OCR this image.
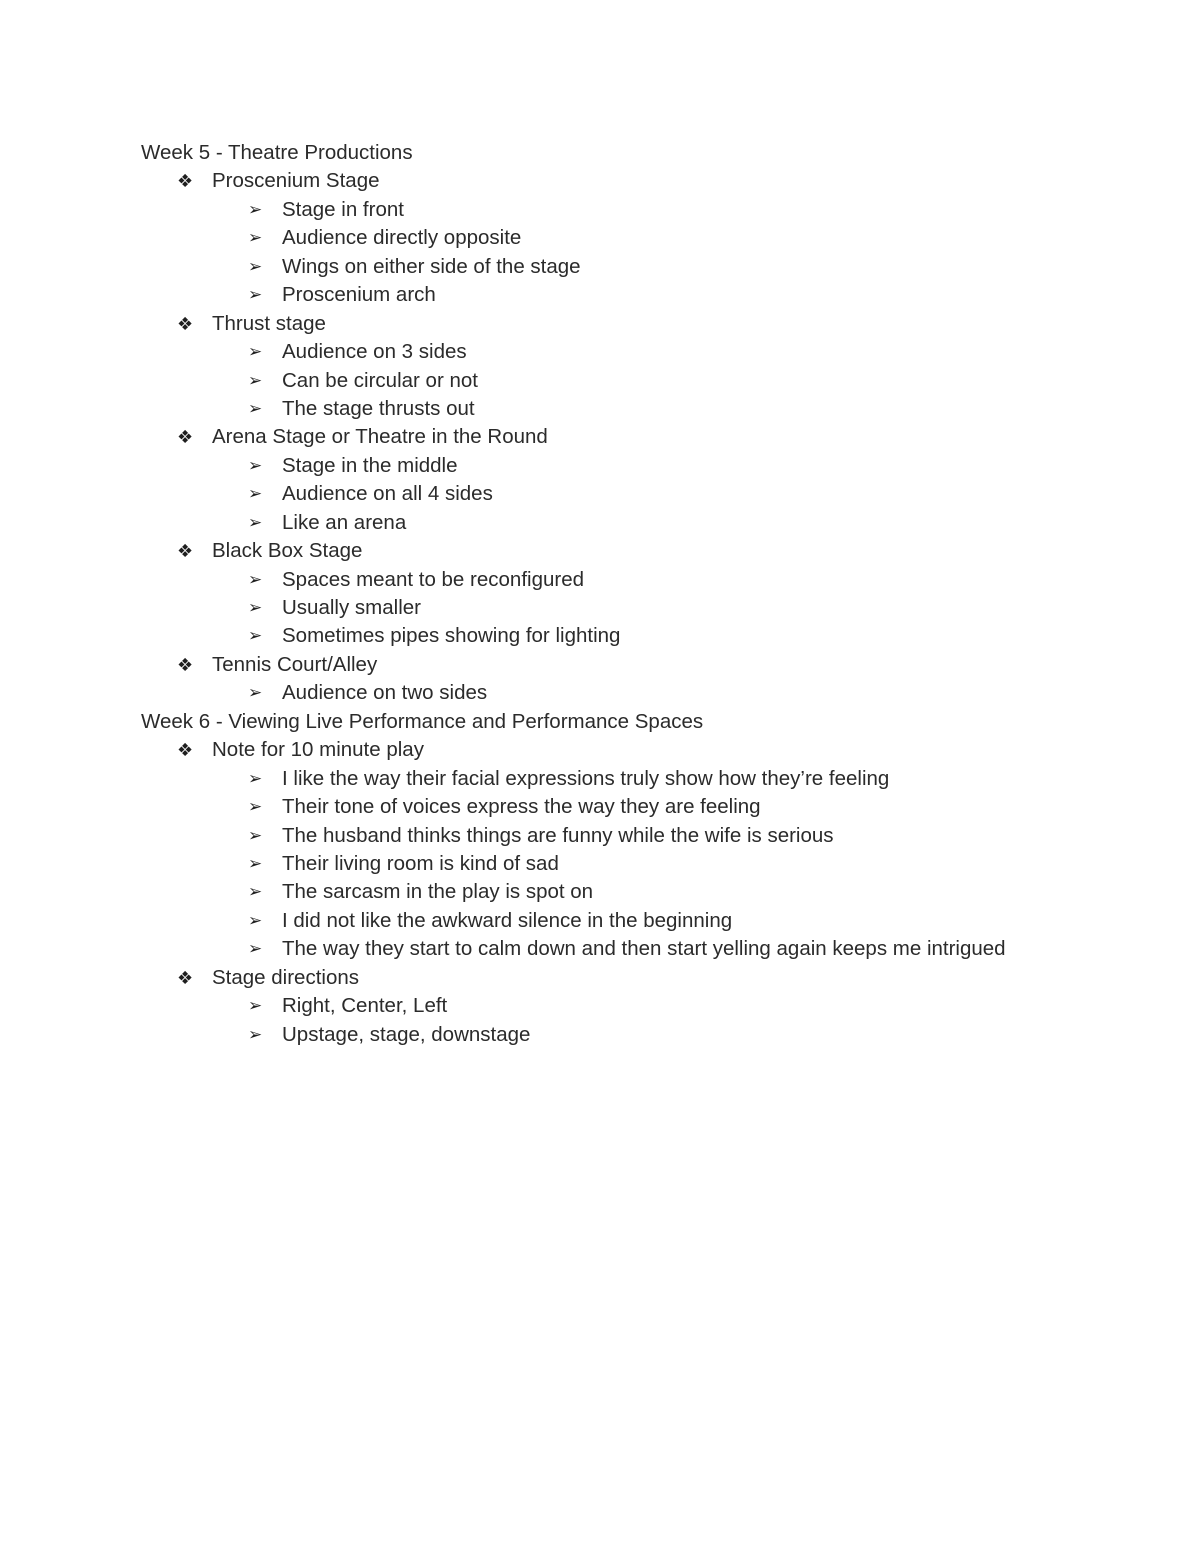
Week 5 - Theatre Productions
❖ Proscenium Stage
➢ Stage in front
➢ Audience directly opposite
➢ Wings on either side of the stage
➢ Proscenium arch
❖ Thrust stage
➢ Audience on 3 sides
➢ Can be circular or not
➢ The stage thrusts out
❖ Arena Stage or Theatre in the Round
➢ Stage in the middle
➢ Audience on all 4 sides
➢ Like an arena
❖ Black Box Stage
➢ Spaces meant to be reconfigured
➢ Usually smaller
➢ Sometimes pipes showing for lighting
❖ Tennis Court/Alley
➢ Audience on two sides
Week 6 - Viewing Live Performance and Performance Spaces
❖ Note for 10 minute play
➢ I like the way their facial expressions truly show how they’re feeling
➢ Their tone of voices express the way they are feeling
➢ The husband thinks things are funny while the wife is serious
➢ Their living room is kind of sad
➢ The sarcasm in the play is spot on
➢ I did not like the awkward silence in the beginning
➢ The way they start to calm down and then start yelling again keeps me intrigued
❖ Stage directions
➢ Right, Center, Left
➢ Upstage, stage, downstage
